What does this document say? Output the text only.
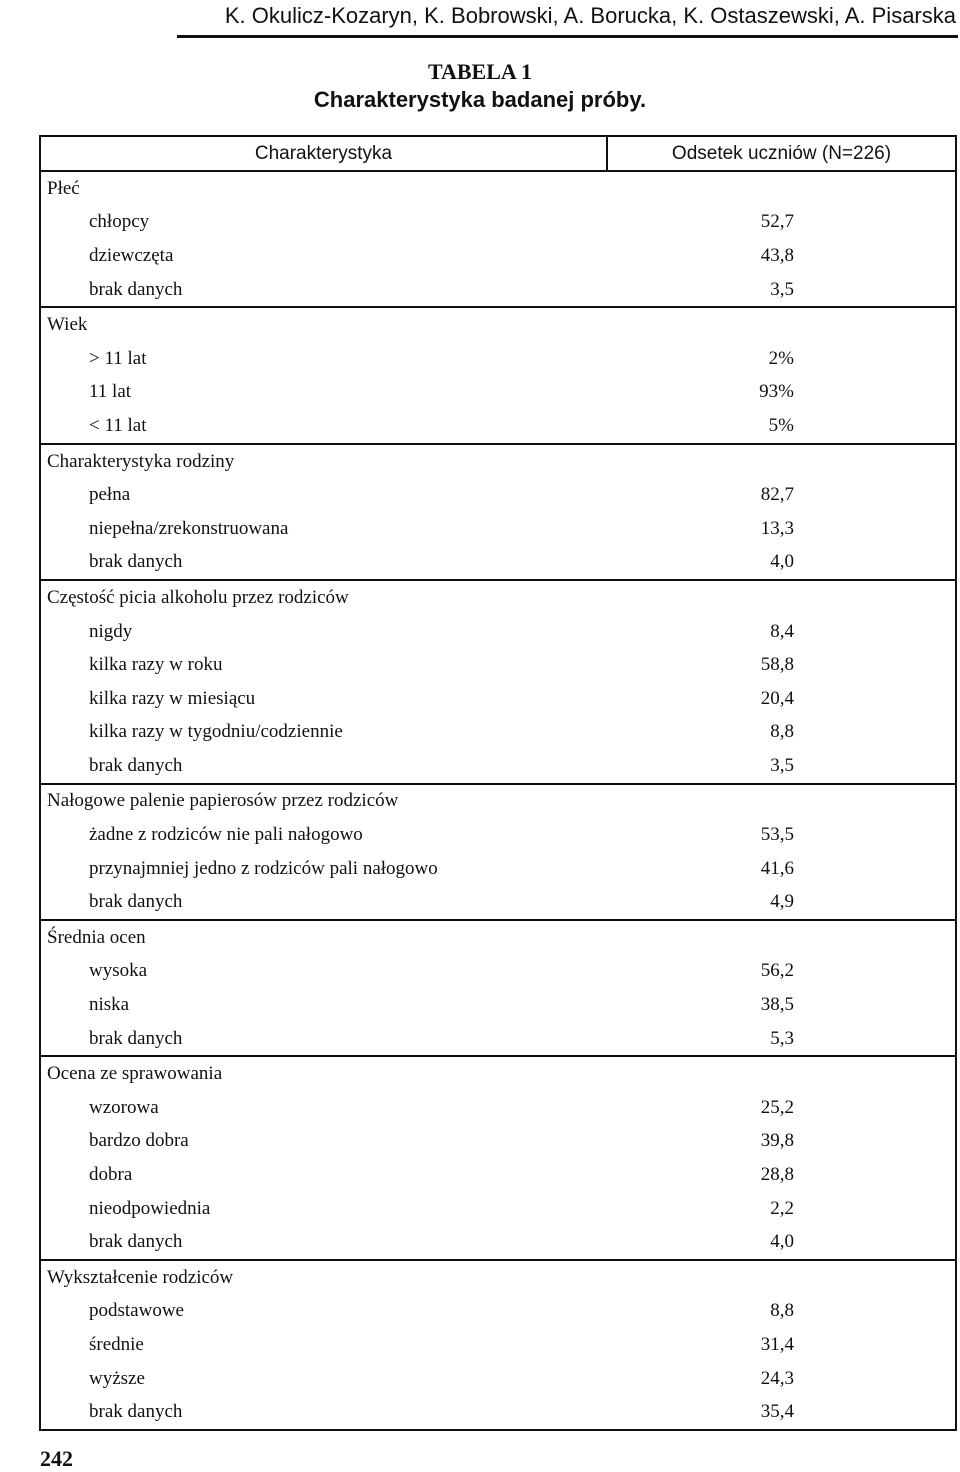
K. Okulicz-Kozaryn, K. Bobrowski, A. Borucka, K. Ostaszewski, A. Pisarska
TABELA 1
Charakterystyka badanej próby.
Charakterystyka	Odsetek uczniów (N=226)
Płeć	
chłopcy	52,7
dziewczęta	43,8
brak danych	3,5
Wiek	
> 11 lat	2%
11 lat	93%
< 11 lat	5%
Charakterystyka rodziny	
pełna	82,7
niepełna/zrekonstruowana	13,3
brak danych	4,0
Częstość picia alkoholu przez rodziców	
nigdy	8,4
kilka razy w roku	58,8
kilka razy w miesiącu	20,4
kilka razy w tygodniu/codziennie	8,8
brak danych	3,5
Nałogowe palenie papierosów przez rodziców	
żadne z rodziców nie pali nałogowo	53,5
przynajmniej jedno z rodziców pali nałogowo	41,6
brak danych	4,9
Średnia ocen	
wysoka	56,2
niska	38,5
brak danych	5,3
Ocena ze sprawowania	
wzorowa	25,2
bardzo dobra	39,8
dobra	28,8
nieodpowiednia	2,2
brak danych	4,0
Wykształcenie rodziców	
podstawowe	8,8
średnie	31,4
wyższe	24,3
brak danych	35,4
242
